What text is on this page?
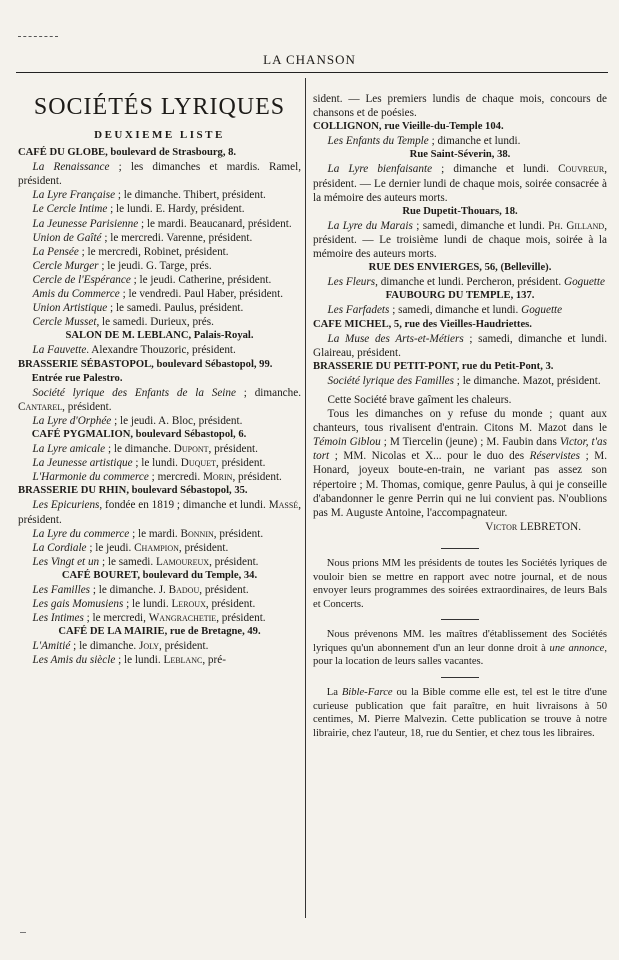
LA CHANSON
SOCIÉTÉS LYRIQUES
DEUXIEME LISTE
CAFÉ DU GLOBE, boulevard de Strasbourg, 8.

La Renaissance ; les dimanches et mardis. Ramel, président.

La Lyre Française ; le dimanche. Thibert, président.

Le Cercle Intime ; le lundi. E. Hardy, président.

La Jeunesse Parisienne ; le mardi. Beaucanard, président.

Union de Gaîté ; le mercredi. Varenne, président.

La Pensée ; le mercredi, Robinet, président.

Cercle Murger ; le jeudi. G. Targe, prés.

Cercle de l'Espérance ; le jeudi. Catherine, président.

Amis du Commerce ; le vendredi. Paul Haber, président.

Union Artistique ; le samedi. Paulus, président.

Cercle Musset, le samedi. Durieux, prés.

SALON DE M. LEBLANC, Palais-Royal.

La Fauvette. Alexandre Thouzoric, président.

BRASSERIE SÉBASTOPOL, boulevard Sébastopol, 99. Entrée rue Palestro.

Société lyrique des Enfants de la Seine ; dimanche. Cantarel, président.

La Lyre d'Orphée ; le jeudi. A. Bloc, président.

CAFÉ PYGMALION, boulevard Sébastopol, 6.

La Lyre amicale ; le dimanche. Dupont, président.

La Jeunesse artistique ; le lundi. Duquet, président.

L'Harmonie du commerce ; mercredi. Morin, président.

BRASSERIE DU RHIN, boulevard Sébastopol, 35.

Les Epicuriens, fondée en 1819 ; dimanche et lundi. Massé, président.

La Lyre du commerce ; le mardi. Bonnin, président.

La Cordiale ; le jeudi. Champion, président.

Les Vingt et un ; le samedi. Lamoureux, président.

CAFÉ BOURET, boulevard du Temple, 34.

Les Familles ; le dimanche. J. Badou, président.

Les gais Momusiens ; le lundi. Leroux, président.

Les Intimes ; le mercredi, Wangrachetie, président.

CAFÉ DE LA MAIRIE, rue de Bretagne, 49.

L'Amitié ; le dimanche. Joly, président.

Les Amis du siècle ; le lundi. Leblanc, pré-

sident. — Les premiers lundis de chaque mois, concours de chansons et de poésies.

COLLIGNON, rue Vieille-du-Temple 104.

Les Enfants du Temple ; dimanche et lundi.

Rue Saint-Séverin, 38.

La Lyre bienfaisante ; dimanche et lundi. Couvreur, président. — Le dernier lundi de chaque mois, soirée consacrée à la mémoire des auteurs morts.

Rue Dupetit-Thouars, 18.

La Lyre du Marais ; samedi, dimanche et lundi. Ph. Gilland, président. — Le troisième lundi de chaque mois, soirée à la mémoire des auteurs morts.

RUE DES ENVIERGES, 56, (Belleville).

Les Fleurs, dimanche et lundi. Percheron, président. Goguette

FAUBOURG DU TEMPLE, 137.

Les Farfadets ; samedi, dimanche et lundi. Goguette

CAFE MICHEL, 5, rue des Vieilles-Haudriettes.

La Muse des Arts-et-Métiers ; samedi, dimanche et lundi. Glaireau, président.

BRASSERIE DU PETIT-PONT, rue du Petit-Pont, 3.

Société lyrique des Familles ; le dimanche. Mazot, président.

Cette Société brave gaîment les chaleurs.

Tous les dimanches on y refuse du monde ; quant aux chanteurs, tous rivalisent d'entrain. Citons M. Mazot dans le Témoin Giblou ; M Tiercelin (jeune) ; M. Faubin dans Victor, t'as tort ; MM. Nicolas et X... pour le duo des Réservistes ; M. Honard, joyeux boute-en-train, ne variant pas assez son répertoire ; M. Thomas, comique, genre Paulus, à qui je conseille d'abandonner le genre Perrin qui ne lui convient pas. N'oublions pas M. Auguste Antoine, l'accompagnateur.

Victor LEBRETON.

Nous prions MM les présidents de toutes les Sociétés lyriques de vouloir bien se mettre en rapport avec notre journal, et de nous envoyer leurs programmes des soirées extraordinaires, de leurs Bals et Concerts.

Nous prévenons MM. les maîtres d'établissement des Sociétés lyriques qu'un abonnement d'un an leur donne droit à une annonce, pour la location de leurs salles vacantes.

La Bible-Farce ou la Bible comme elle est, tel est le titre d'une curieuse publication que fait paraître, en huit livraisons à 50 centimes, M. Pierre Malvezin. Cette publication se trouve à notre librairie, chez l'auteur, 18, rue du Sentier, et chez tous les libraires.
